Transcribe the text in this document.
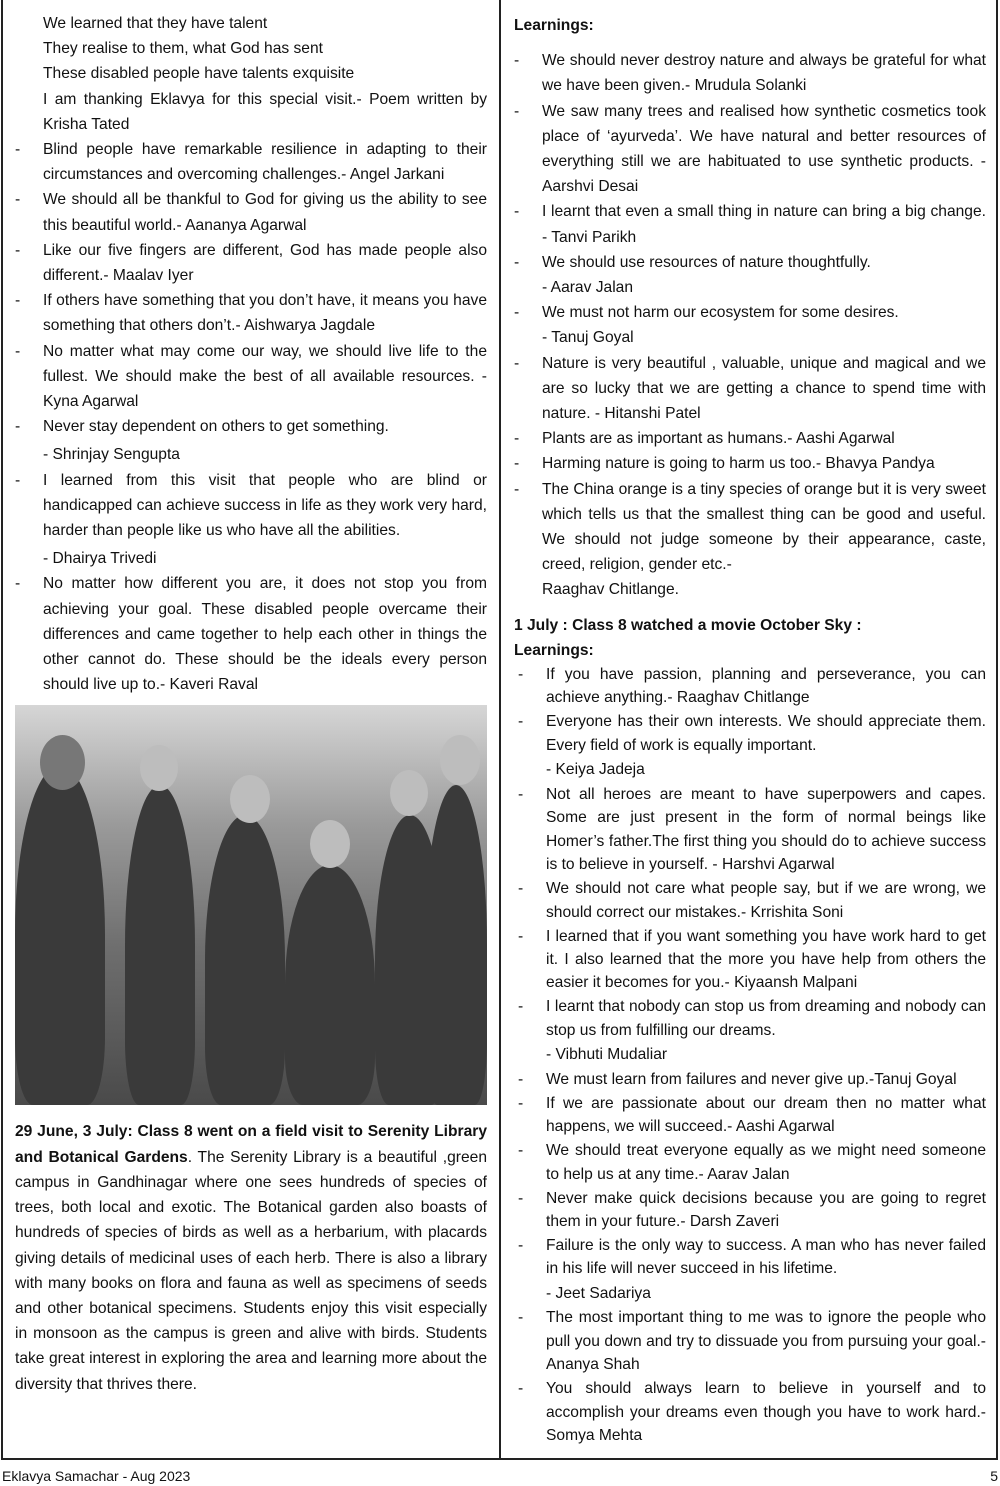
We learned that they have talent
They realise to them, what God has sent
These disabled people have talents exquisite
I am thanking Eklavya for this special visit.- Poem written by Krisha Tated
- Blind people have remarkable resilience in adapting to their circumstances and overcoming challenges.- Angel Jarkani
- We should all be thankful to God for giving us the ability to see this beautiful world.- Aananya Agarwal
- Like our five fingers are different, God has made people also different.- Maalav Iyer
- If others have something that you don’t have, it means you have something that others don’t.- Aishwarya Jagdale
- No matter what may come our way, we should live life to the fullest. We should make the best of all available resources. - Kyna Agarwal
- Never stay dependent on others to get something.
- Shrinjay Sengupta
- I learned from this visit that people who are blind or handicapped can achieve success in life as they work very hard, harder than people like us who have all the abilities.
- Dhairya Trivedi
- No matter how different you are, it does not stop you from achieving your goal. These disabled people overcame their differences and came together to help each other in things the other cannot do. These should be the ideals every person should live up to.- Kaveri Raval
29 June, 3 July: Class 8 went on a field visit to Serenity Library and Botanical Gardens. The Serenity Library is a beautiful ,green campus in Gandhinagar where one sees hundreds of species of trees, both local and exotic. The Botanical garden also boasts of hundreds of species of birds as well as a herbarium, with placards giving details of medicinal uses of each herb. There is also a library with many books on flora and fauna as well as specimens of seeds and other botanical specimens. Students enjoy this visit especially in monsoon as the campus is green and alive with birds. Students take great interest in exploring the area and learning more about the diversity that thrives there.
Learnings:
- We should never destroy nature and always be grateful for what we have been given.- Mrudula Solanki
- We saw many trees and realised how synthetic cosmetics took place of ‘ayurveda’. We have natural and better resources of everything still we are habituated to use synthetic products. - Aarshvi Desai
- I learnt that even a small thing in nature can bring a big change. - Tanvi Parikh
- We should use resources of nature thoughtfully.
- Aarav Jalan
- We must not harm our ecosystem for some desires.
- Tanuj Goyal
- Nature is very beautiful , valuable, unique and magical and we are so lucky that we are getting a chance to spend time with nature. - Hitanshi Patel
- Plants are as important as humans.- Aashi Agarwal
- Harming nature is going to harm us too.- Bhavya Pandya
- The China orange is a tiny species of orange but it is very sweet which tells us that the smallest thing can be good and useful. We should not judge someone by their appearance, caste, creed, religion, gender etc.-
Raaghav Chitlange.
1 July : Class 8 watched a movie October Sky :
Learnings:
- If you have passion, planning and perseverance, you can achieve anything.- Raaghav Chitlange
- Everyone has their own interests. We should appreciate them. Every field of work is equally important.
- Keiya Jadeja
- Not all heroes are meant to have superpowers and capes. Some are just present in the form of normal beings like Homer’s father.The first thing you should do to achieve success is to believe in yourself. - Harshvi Agarwal
- We should not care what people say, but if we are wrong, we should correct our mistakes.- Krrishita Soni
- I learned that if you want something you have work hard to get it. I also learned that the more you have help from others the easier it becomes for you.- Kiyaansh Malpani
- I learnt that nobody can stop us from dreaming and nobody can stop us from fulfilling our dreams.
- Vibhuti Mudaliar
- We must learn from failures and never give up.-Tanuj Goyal
- If we are passionate about our dream then no matter what happens, we will succeed.- Aashi Agarwal
- We should treat everyone equally as we might need someone to help us at any time.- Aarav Jalan
- Never make quick decisions because you are going to regret them in your future.- Darsh Zaveri
- Failure is the only way to success. A man who has never failed in his life will never succeed in his lifetime.
- Jeet Sadariya
- The most important thing to me was to ignore the people who pull you down and try to dissuade you from pursuing your goal.- Ananya Shah
- You should always learn to believe in yourself and to accomplish your dreams even though you have to work hard.- Somya Mehta
Eklavya Samachar - Aug 2023	5
